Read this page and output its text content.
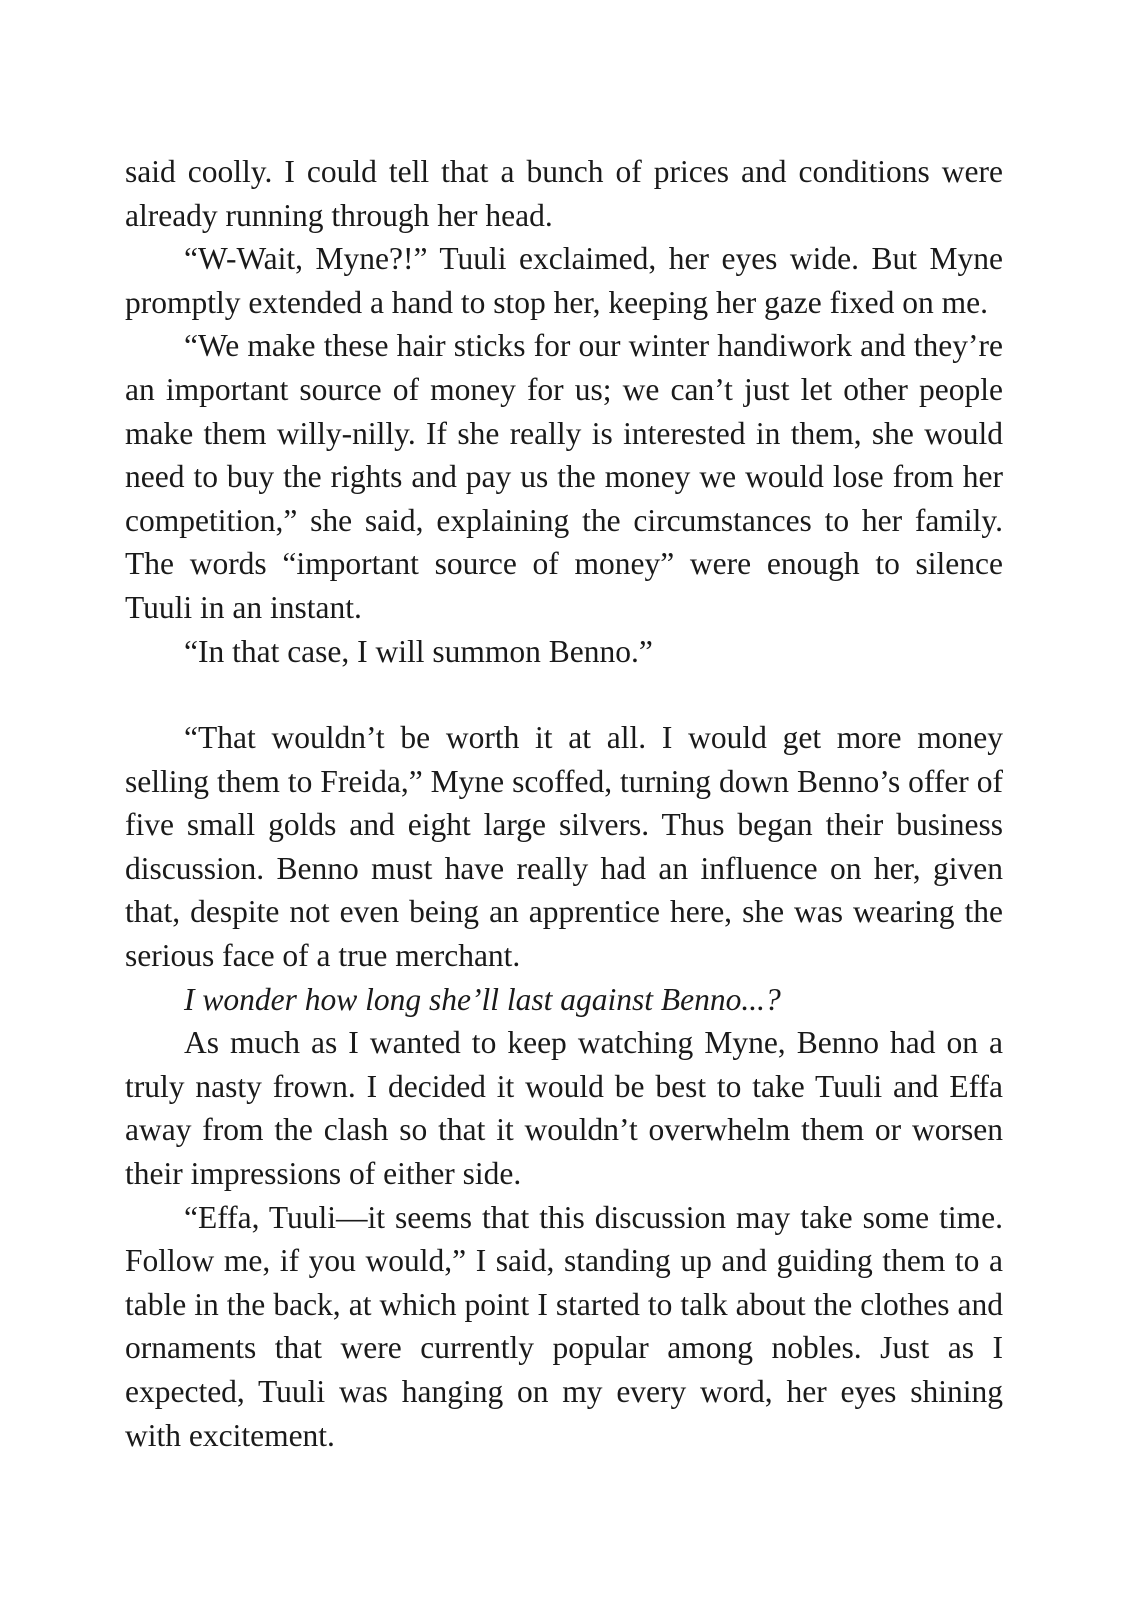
said coolly. I could tell that a bunch of prices and conditions were already running through her head.

“W-Wait, Myne?!” Tuuli exclaimed, her eyes wide. But Myne promptly extended a hand to stop her, keeping her gaze fixed on me.

“We make these hair sticks for our winter handiwork and they’re an important source of money for us; we can’t just let other people make them willy-nilly. If she really is interested in them, she would need to buy the rights and pay us the money we would lose from her competition,” she said, explaining the circumstances to her family. The words “important source of money” were enough to silence Tuuli in an instant.

“In that case, I will summon Benno.”

“That wouldn’t be worth it at all. I would get more money selling them to Freida,” Myne scoffed, turning down Benno’s offer of five small golds and eight large silvers. Thus began their business discussion. Benno must have really had an influence on her, given that, despite not even being an apprentice here, she was wearing the serious face of a true merchant.

I wonder how long she’ll last against Benno...?

As much as I wanted to keep watching Myne, Benno had on a truly nasty frown. I decided it would be best to take Tuuli and Effa away from the clash so that it wouldn’t overwhelm them or worsen their impressions of either side.

“Effa, Tuuli—it seems that this discussion may take some time. Follow me, if you would,” I said, standing up and guiding them to a table in the back, at which point I started to talk about the clothes and ornaments that were currently popular among nobles. Just as I expected, Tuuli was hanging on my every word, her eyes shining with excitement.
